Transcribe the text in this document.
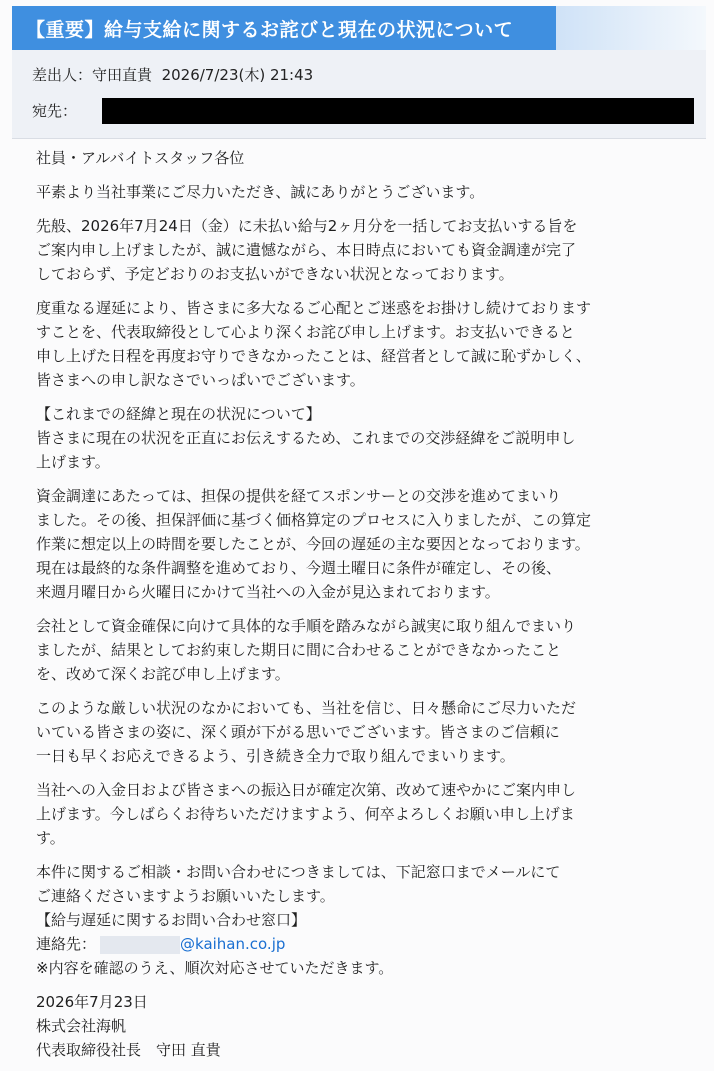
【重要】給与支給に関するお詫びと現在の状況について
差出人：守田直貴 2026/7/23(木) 21:43
宛先：

社員・アルバイトスタッフ各位

平素より当社事業にご尽力いただき、誠にありがとうございます。

先般、2026年7月24日（金）に未払い給与2ヶ月分を一括してお支払いする旨を
ご案内申し上げましたが、誠に遺憾ながら、本日時点においても資金調達が完了
しておらず、予定どおりのお支払いができない状況となっております。

度重なる遅延により、皆さまに多大なるご心配とご迷惑をお掛けし続けております
すことを、代表取締役として心より深くお詫び申し上げます。お支払いできると
申し上げた日程を再度お守りできなかったことは、経営者として誠に恥ずかしく、
皆さまへの申し訳なさでいっぱいでございます。

【これまでの経緯と現在の状況について】

皆さまに現在の状況を正直にお伝えするため、これまでの交渉経緯をご説明申し
上げます。

資金調達にあたっては、担保の提供を経てスポンサーとの交渉を進めてまいり
ました。その後、担保評価に基づく価格算定のプロセスに入りましたが、この算定
作業に想定以上の時間を要したことが、今回の遅延の主な要因となっております。
現在は最終的な条件調整を進めており、今週土曜日に条件が確定し、その後、
来週月曜日から火曜日にかけて当社への入金が見込まれております。

会社として資金確保に向けて具体的な手順を踏みながら誠実に取り組んでまいり
ましたが、結果としてお約束した期日に間に合わせることができなかったこと
を、改めて深くお詫び申し上げます。

このような厳しい状況のなかにおいても、当社を信じ、日々懸命にご尽力いただ
いている皆さまの姿に、深く頭が下がる思いでございます。皆さまのご信頼に
一日も早くお応えできるよう、引き続き全力で取り組んでまいります。

当社への入金日および皆さまへの振込日が確定次第、改めて速やかにご案内申し
上げます。今しばらくお待ちいただけますよう、何卒よろしくお願い申し上げま
す。

本件に関するご相談・お問い合わせにつきましては、下記窓口までメールにて
ご連絡くださいますようお願いいたします。

【給与遅延に関するお問い合わせ窓口】

連絡先：	@kaihan.co.jp

※内容を確認のうえ、順次対応させていただきます。

2026年7月23日

株式会社海帆

代表取締役社長　守田 直貴
